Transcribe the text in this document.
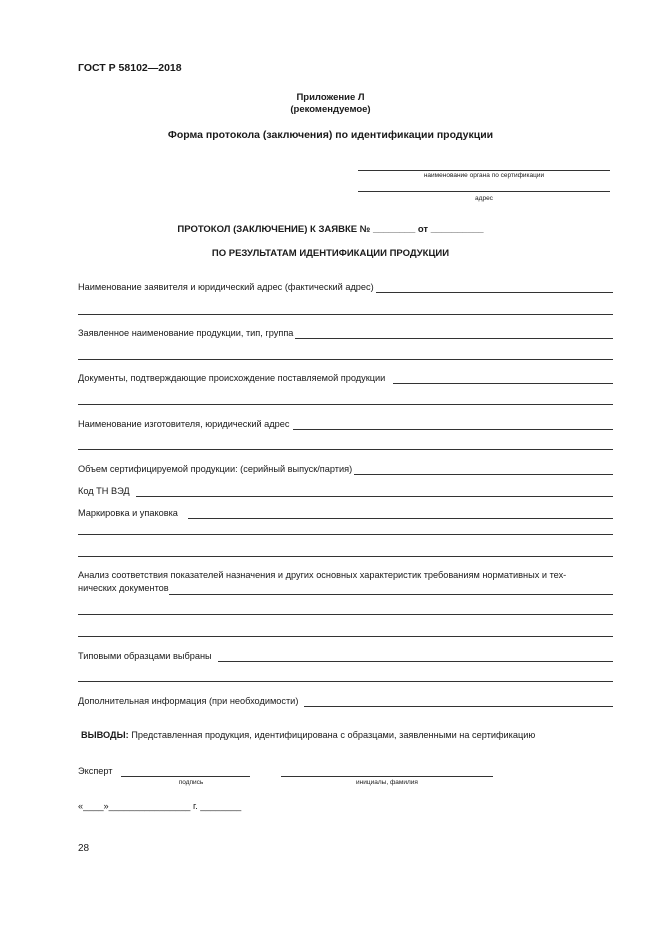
ГОСТ Р 58102—2018
Приложение Л
(рекомендуемое)
Форма протокола (заключения) по идентификации продукции
наименование органа по сертификации
адрес
ПРОТОКОЛ (ЗАКЛЮЧЕНИЕ) К ЗАЯВКЕ № ________ от __________
ПО РЕЗУЛЬТАТАМ ИДЕНТИФИКАЦИИ ПРОДУКЦИИ
Наименование заявителя и юридический адрес (фактический адрес)
Заявленное наименование продукции, тип, группа
Документы, подтверждающие происхождение поставляемой продукции
Наименование изготовителя, юридический адрес
Объем сертифицируемой продукции: (серийный выпуск/партия)
Код ТН ВЭД
Маркировка и упаковка
Анализ соответствия показателей назначения и других основных характеристик требованиям нормативных и тех-
нических документов
Типовыми образцами выбраны
Дополнительная информация (при необходимости)
ВЫВОДЫ: Представленная продукция, идентифицирована с образцами, заявленными на сертификацию
Эксперт
подпись	инициалы, фамилия
«____»________________ г. ________
28
